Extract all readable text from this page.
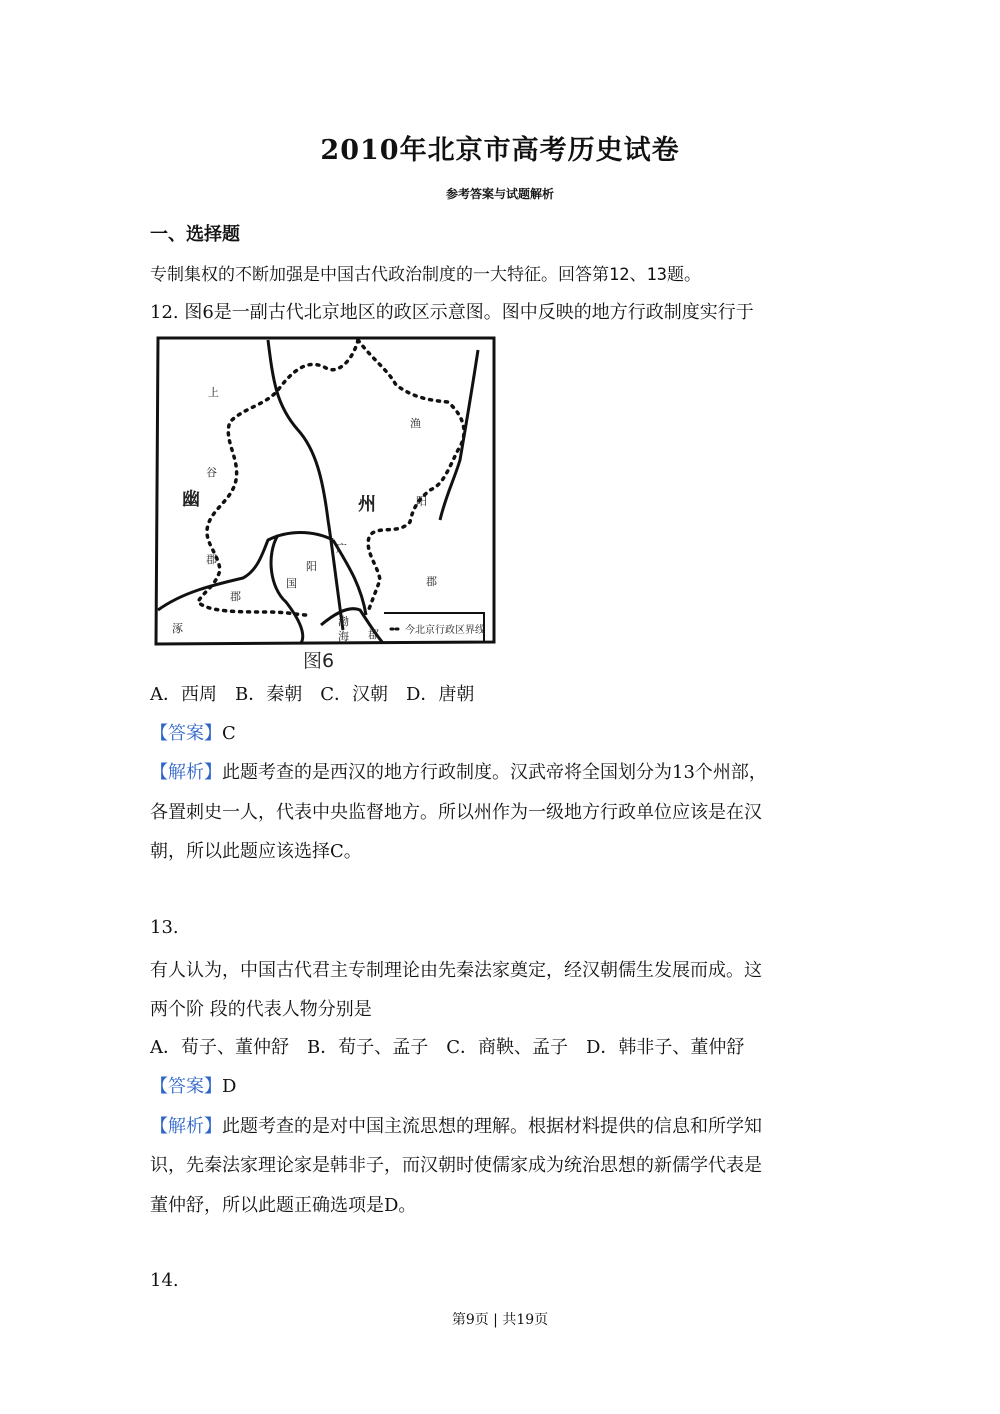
2010年北京市高考历史试卷
参考答案与试题解析
一、选择题
专制集权的不断加强是中国古代政治制度的一大特征。回答第12、13题。
12. 图6是一副古代北京地区的政区示意图。图中反映的地方行政制度实行于
上
谷
幽
郡
郡
涿
州
渔
阳
郡
广
阳
国
渤
海 郡	今北京行政区界线
图6
A．西周　B．秦朝　C．汉朝　D．唐朝
【答案】C
【解析】此题考查的是西汉的地方行政制度。汉武帝将全国划分为13个州部，
各置刺史一人，代表中央监督地方。所以州作为一级地方行政单位应该是在汉
朝，所以此题应该选择C。
13.
有人认为，中国古代君主专制理论由先秦法家奠定，经汉朝儒生发展而成。这
两个阶 段的代表人物分别是
A．荀子、董仲舒　B．荀子、孟子　C．商鞅、孟子　D．韩非子、董仲舒
【答案】D
【解析】此题考查的是对中国主流思想的理解。根据材料提供的信息和所学知
识，先秦法家理论家是韩非子，而汉朝时使儒家成为统治思想的新儒学代表是
董仲舒，所以此题正确选项是D。
14.
第9页 | 共19页
